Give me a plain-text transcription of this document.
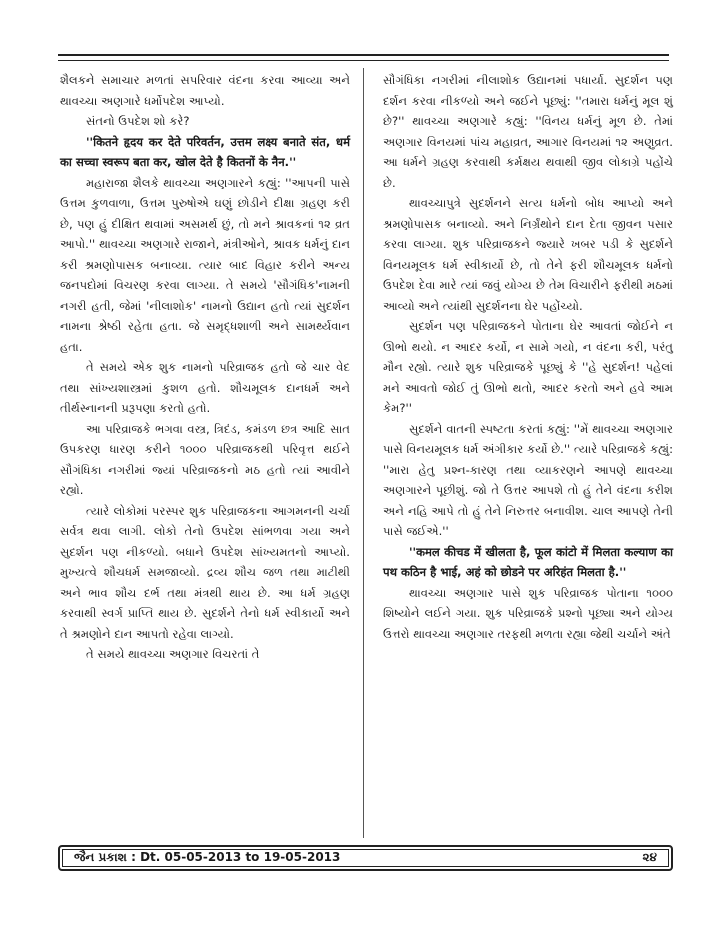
શૈલકને સમાચાર મળતાં સપરિવાર વંદના કરવા આવ્યા અને થાવચ્ચા અણગારે ધર્મોપદેશ આપ્યો.

સંતનો ઉપદેશ શો કરે?

''कितने हृदय कर देते परिवर्तन, उत्तम लक्ष्य बनाते संत, धर्म का सच्चा स्वरूप बता कर, खोल देते है कितनों के नैन.''

મહારાજા શૈલકે થાવચ્ચા અણગારને કહ્યું: ''આપની પાસે ઉત્તમ કુળવાળા, ઉત્તમ પુરુષોએ ઘણું છોડીને દીક્ષા ગ્રહણ કરી છે, પણ હું દીક્ષિત થવામાં અસમર્થ છું, તો મને શ્રાવકનાં ૧૨ વ્રત આપો.'' થાવચ્ચા અણગારે રાજાને, મંત્રીઓને, શ્રાવક ધર્મનું દાન કરી શ્રમણોપાસક બનાવ્યા. ત્યાર બાદ વિહાર કરીને અન્ય જનપદોમાં વિચરણ કરવા લાગ્યા. તે સમયે 'સૌગંધિક'નામની નગરી હતી, જેમાં 'નીલાશોક' નામનો ઉદ્યાન હતો ત્યાં સુદર્શન નામના શ્રેષ્ઠી રહેતા હતા. જે સમૃદ્ધશાળી અને સામર્થ્યવાન હતા.

તે સમયે એક શુક નામનો પરિવ્રાજક હતો જે ચાર વેદ તથા સાંખ્યશાસ્ત્રમાં કુશળ હતો. શૌચમૂલક દાનધર્મ અને તીર્થસ્નાનની પ્રરૂપણા કરતો હતો.

આ પરિવ્રાજકે ભગવા વસ્ત્ર, ત્રિદંડ, કમંડળ છત્ર આદિ સાત ઉપકરણ ધારણ કરીને ૧૦૦૦ પરિવ્રાજકથી પરિવૃત્ત થઈને સૌગંધિકા નગરીમાં જ્યાં પરિવ્રાજકનો મઠ હતો ત્યાં આવીને રહ્યો.

ત્યારે લોકોમાં પરસ્પર શુક પરિવ્રાજકના આગમનની ચર્ચા સર્વત્ર થવા લાગી. લોકો તેનો ઉપદેશ સાંભળવા ગયા અને સુદર્શન પણ નીકળ્યો. બધાને ઉપદેશ સાંખ્યમતનો આપ્યો. મુખ્યત્વે શૌચધર્મ સમજાવ્યો. દ્રવ્ય શૌચ જળ તથા માટીથી અને ભાવ શૌચ દર્ભ તથા મંત્રથી થાય છે. આ ધર્મ ગ્રહણ કરવાથી સ્વર્ગ પ્રાપ્તિ થાય છે. સુદર્શને તેનો ધર્મ સ્વીકાર્યો અને તે શ્રમણોને દાન આપતો રહેવા લાગ્યો.

તે સમયે થાવચ્ચા અણગાર વિચરતાં તે

સૌગંધિકા નગરીમાં નીલાશોક ઉદ્યાનમાં પધાર્યા. સુદર્શન પણ દર્શન કરવા નીકળ્યો અને જઈને પૂછ્યું: ''તમારા ધર્મનું મૂલ શું છે?'' થાવચ્ચા અણગારે કહ્યું: ''વિનય ધર્મનું મૂળ છે. તેમાં અણગાર વિનયમાં પાંચ મહાવ્રત, આગાર વિનયમાં ૧૨ અણુવ્રત. આ ધર્મને ગ્રહણ કરવાથી કર્મક્ષય થવાથી જીવ લોકાગ્રે પહોંચે છે.

થાવચ્ચાપુત્રે સુદર્શનને સત્ય ધર્મનો બોધ આપ્યો અને શ્રમણોપાસક બનાવ્યો. અને નિર્ગ્રંથોને દાન દેતા જીવન પસાર કરવા લાગ્યા. શુક પરિવ્રાજકને જ્યારે ખબર પડી કે સુદર્શને વિનયમૂલક ધર્મ સ્વીકાર્યો છે, તો તેને ફરી શૌચમૂલક ધર્મનો ઉપદેશ દેવા મારે ત્યાં જવું યોગ્ય છે તેમ વિચારીને ફરીથી મઠમાં આવ્યો અને ત્યાંથી સુદર્શનના ઘેર પહોંચ્યો.

સુદર્શન પણ પરિવ્રાજકને પોતાના ઘેર આવતાં જોઈને ન ઊભો થયો. ન આદર કર્યો, ન સામે ગયો, ન વંદના કરી, પરંતુ મૌન રહ્યો. ત્યારે શુક પરિવ્રાજકે પૂછ્યું કે ''હે સુદર્શન! પહેલાં મને આવતો જોઈ તું ઊભો થતો, આદર કરતો અને હવે આમ કેમ?''

સુદર્શને વાતની સ્પષ્ટતા કરતાં કહ્યું: ''મેં થાવચ્ચા અણગાર પાસે વિનયમૂલક ધર્મ અંગીકાર કર્યો છે.'' ત્યારે પરિવ્રાજકે કહ્યું: ''મારા હેતુ પ્રશ્ન-કારણ તથા વ્યાકરણને આપણે થાવચ્ચા અણગારને પૂછીશું. જો તે ઉત્તર આપશે તો હું તેને વંદના કરીશ અને નહિ આપે તો હું તેને નિરુત્તર બનાવીશ. ચાલ આપણે તેની પાસે જઈએ.''

''कमल कीचड में खीलता है, फूल कांटो में मिलता कल्याण का पथ कठिन है भाई, अहं को छोडने पर अरिहंत मिलता है.''

થાવચ્ચા અણગાર પાસે શુક પરિવ્રાજક પોતાના ૧૦૦૦ શિષ્યોને લઈને ગયા. શુક પરિવ્રાજકે પ્રશ્નો પૂછ્યા અને યોગ્ય ઉત્તરો થાવચ્ચા અણગાર તરફથી મળતા રહ્યા જેથી ચર્ચાને અંતે

જૈન પ્રકાશ : Dt. 05-05-2013 to 19-05-2013	૨૪
